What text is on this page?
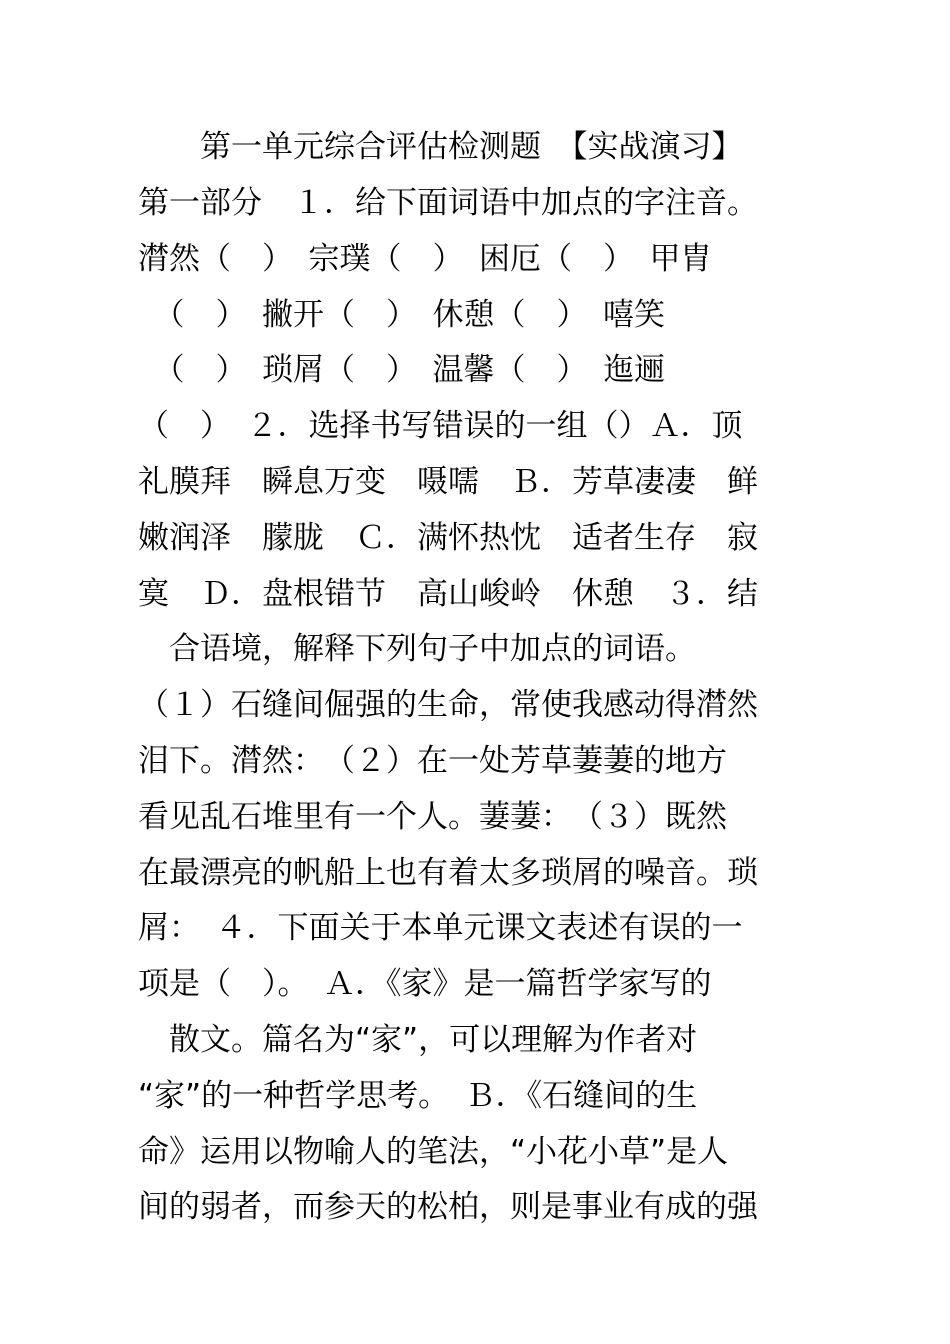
　　第一单元综合评估检测题　【实战演习】
第一部分　１．给下面词语中加点的字注音。
潸然（　）　宗璞（　）　困厄（　）　甲胄
　（　）　撇开（　）　休憩（　）　嘻笑
　（　）　琐屑（　）　温馨（　）　迤逦
（　）　２．选择书写错误的一组（）Ａ．顶
礼膜拜　瞬息万变　嗫嚅　Ｂ．芳草凄凄　鲜
嫩润泽　朦胧　Ｃ．满怀热忱　适者生存　寂
寞　Ｄ．盘根错节　高山峻岭　休憩　３．结
　合语境，解释下列句子中加点的词语。
（１）石缝间倔强的生命，常使我感动得潸然
泪下。潸然：　（２）在一处芳草萋萋的地方
看见乱石堆里有一个人。萋萋：　（３）既然
在最漂亮的帆船上也有着太多琐屑的噪音。琐
屑：　４．下面关于本单元课文表述有误的一
项是（　）。　Ａ．《家》是一篇哲学家写的
　散文。篇名为“家”，可以理解为作者对
“家”的一种哲学思考。　Ｂ．《石缝间的生
命》运用以物喻人的笔法，“小花小草”是人
间的弱者，而参天的松柏，则是事业有成的强
